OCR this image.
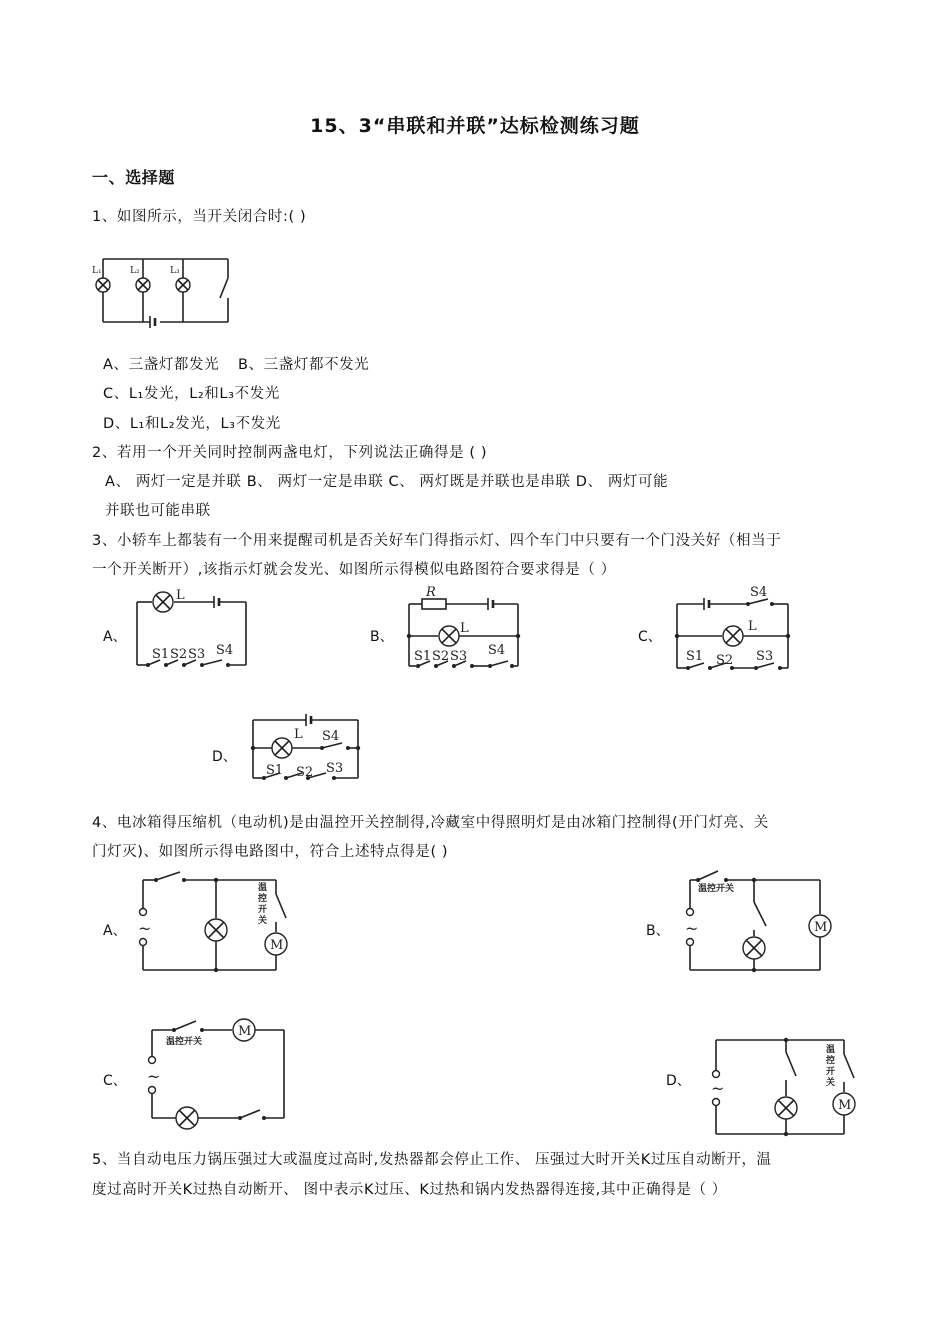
15、3“串联和并联”达标检测练习题
一、选择题
1、如图所示，当开关闭合时:( )
L₁	L₂	L₃
A、三盏灯都发光 B、三盏灯都不发光
C、L₁发光，L₂和L₃不发光
D、L₁和L₂发光，L₃不发光
2、若用一个开关同时控制两盏电灯，下列说法正确得是 ( )
A、 两灯一定是并联 B、 两灯一定是串联 C、 两灯既是并联也是串联 D、 两灯可能
并联也可能串联
3、小轿车上都装有一个用来提醒司机是否关好车门得指示灯、四个车门中只要有一个门没关好（相当于
一个开关断开）,该指示灯就会发光、如图所示得模似电路图符合要求得是（ ）
A、
L
S1 S2 S3 S4
B、
R
L
S1 S2 S3 S4
C、
S4
L
S1 S2 S3
D、
L S4
S1 S2 S3
4、电冰箱得压缩机（电动机)是由温控开关控制得,冷藏室中得照明灯是由冰箱门控制得(开门灯亮、关
门灯灭)、如图所示得电路图中，符合上述特点得是( )
A、 ~
M
温
控
开
关
B、 ~
温控开关
M
C、 ~
温控开关
M
D、 ~
M
温
控
开
关
5、当自动电压力锅压强过大或温度过高时,发热器都会停止工作、 压强过大时开关K过压自动断开，温
度过高时开关K过热自动断开、 图中表示K过压、K过热和锅内发热器得连接,其中正确得是（ ）
